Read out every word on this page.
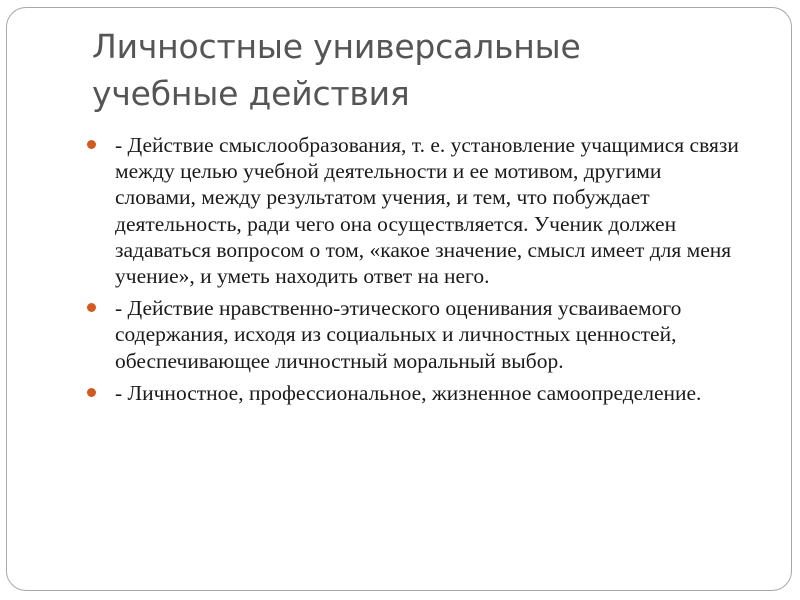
Личностные универсальные
учебные действия
- Действие смыслообразования, т. е. установление учащимися связи между целью учебной деятельности и ее мотивом, другими словами, между результатом учения, и тем, что побуждает деятельность, ради чего она осуществляется. Ученик должен задаваться вопросом о том, «какое значение, смысл имеет для меня учение», и уметь находить ответ на него.
- Действие нравственно-этического оценивания усваиваемого содержания, исходя из социальных и личностных ценностей, обеспечивающее личностный моральный выбор.
- Личностное, профессиональное, жизненное самоопределение.
